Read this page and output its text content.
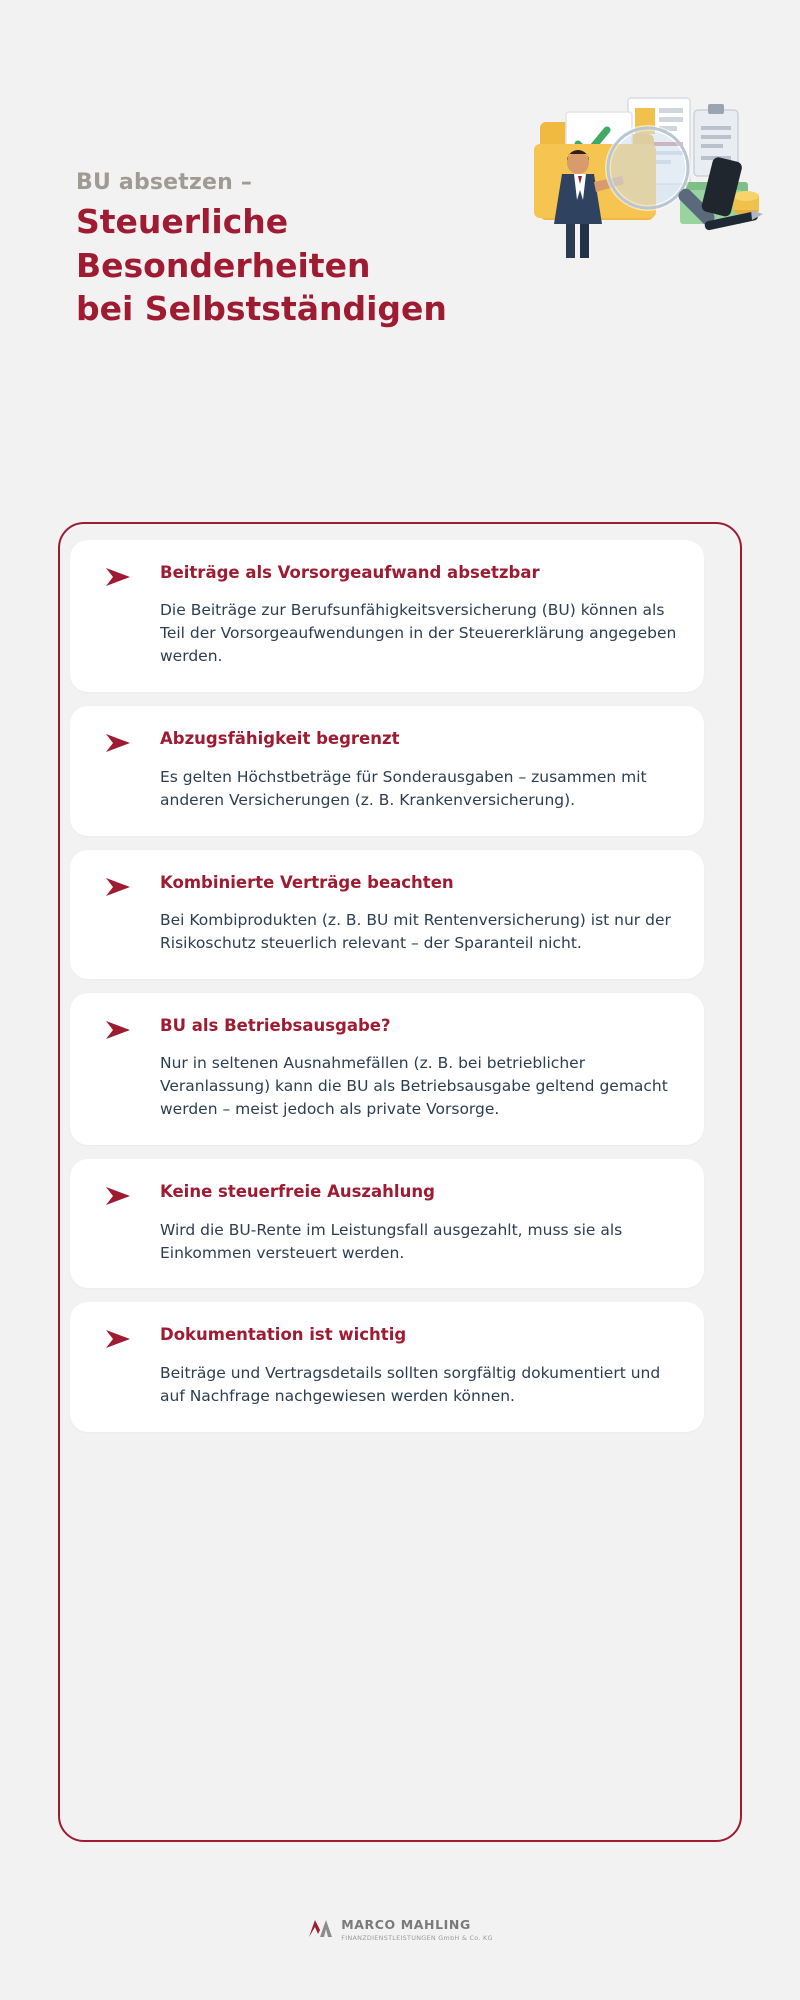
BU absetzen –
Steuerliche
Besonderheiten
bei Selbstständigen
Beiträge als Vorsorgeaufwand absetzbar
Die Beiträge zur Berufsunfähigkeitsversicherung (BU) können als Teil der Vorsorgeaufwendungen in der Steuererklärung angegeben werden.
Abzugsfähigkeit begrenzt
Es gelten Höchstbeträge für Sonderausgaben – zusammen mit anderen Versicherungen (z. B. Krankenversicherung).
Kombinierte Verträge beachten
Bei Kombiprodukten (z. B. BU mit Rentenversicherung) ist nur der Risikoschutz steuerlich relevant – der Sparanteil nicht.
BU als Betriebsausgabe?
Nur in seltenen Ausnahmefällen (z. B. bei betrieblicher Veranlassung) kann die BU als Betriebsausgabe geltend gemacht werden – meist jedoch als private Vorsorge.
Keine steuerfreie Auszahlung
Wird die BU-Rente im Leistungsfall ausgezahlt, muss sie als Einkommen versteuert werden.
Dokumentation ist wichtig
Beiträge und Vertragsdetails sollten sorgfältig dokumentiert und auf Nachfrage nachgewiesen werden können.
MARCO MAHLING
FINANZDIENSTLEISTUNGEN GmbH & Co. KG
